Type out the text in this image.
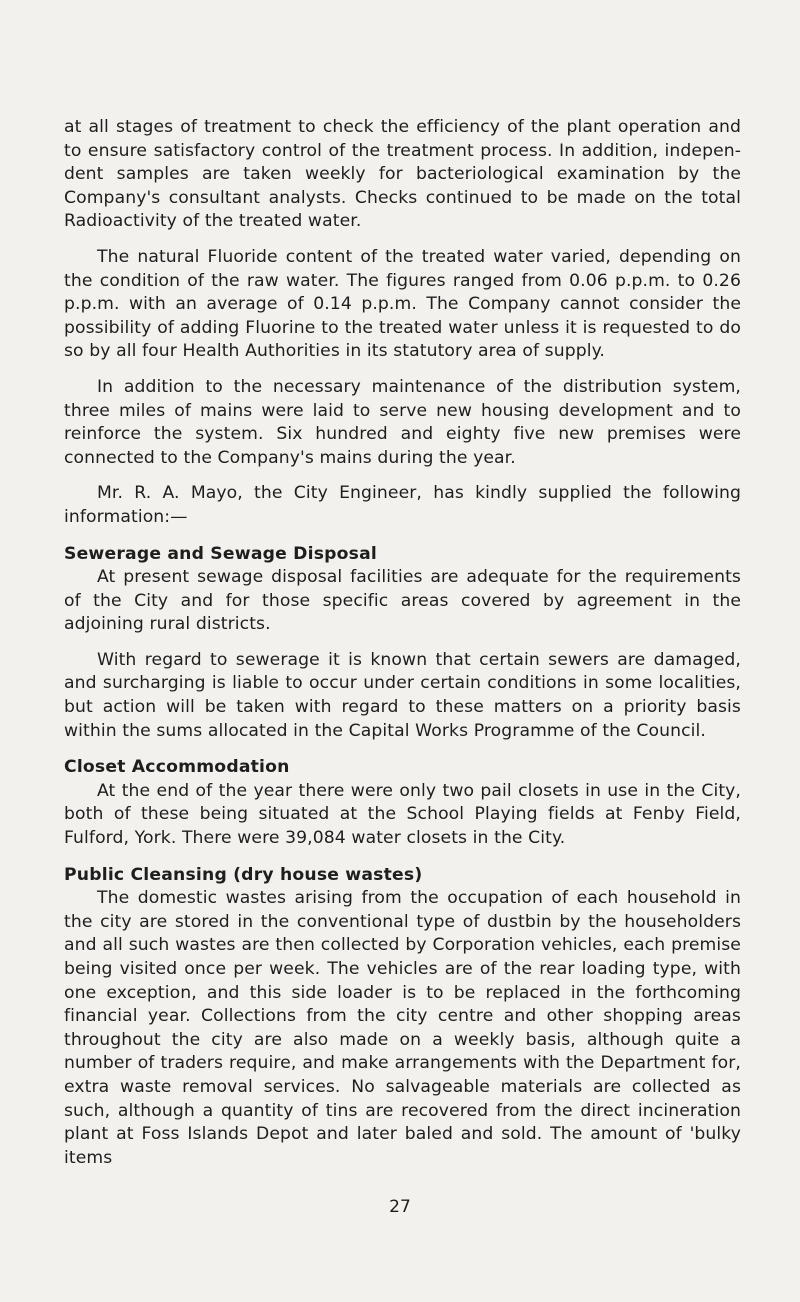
at all stages of treatment to check the efficiency of the plant operation and to ensure satisfactory control of the treatment process. In addition, independent samples are taken weekly for bacteriological examination by the Company's consultant analysts. Checks continued to be made on the total Radioactivity of the treated water.

The natural Fluoride content of the treated water varied, depending on the condition of the raw water. The figures ranged from 0.06 p.p.m. to 0.26 p.p.m. with an average of 0.14 p.p.m. The Company cannot consider the possibility of adding Fluorine to the treated water unless it is requested to do so by all four Health Authorities in its statutory area of supply.

In addition to the necessary maintenance of the distribution system, three miles of mains were laid to serve new housing development and to reinforce the system. Six hundred and eighty five new premises were connected to the Company's mains during the year.

Mr. R. A. Mayo, the City Engineer, has kindly supplied the following information:—

Sewerage and Sewage Disposal

At present sewage disposal facilities are adequate for the requirements of the City and for those specific areas covered by agreement in the adjoining rural districts.

With regard to sewerage it is known that certain sewers are damaged, and surcharging is liable to occur under certain conditions in some localities, but action will be taken with regard to these matters on a priority basis within the sums allocated in the Capital Works Programme of the Council.

Closet Accommodation

At the end of the year there were only two pail closets in use in the City, both of these being situated at the School Playing fields at Fenby Field, Fulford, York. There were 39,084 water closets in the City.

Public Cleansing (dry house wastes)

The domestic wastes arising from the occupation of each household in the city are stored in the conventional type of dustbin by the householders and all such wastes are then collected by Corporation vehicles, each premise being visited once per week. The vehicles are of the rear loading type, with one exception, and this side loader is to be replaced in the forthcoming financial year. Collections from the city centre and other shopping areas throughout the city are also made on a weekly basis, although quite a number of traders require, and make arrangements with the Department for, extra waste removal services. No salvageable materials are collected as such, although a quantity of tins are recovered from the direct incineration plant at Foss Islands Depot and later baled and sold. The amount of 'bulky items

27
